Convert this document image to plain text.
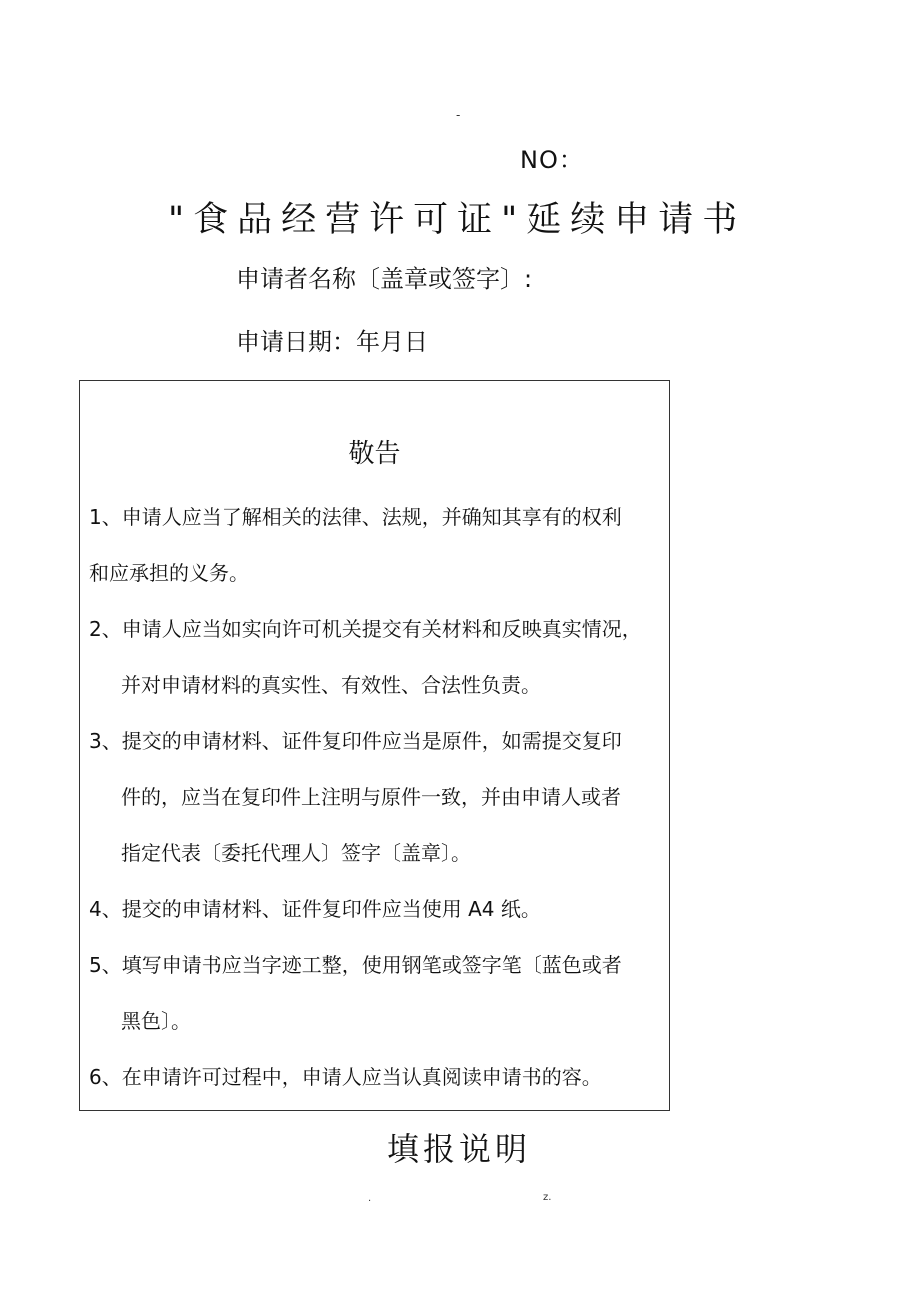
-
NO：
"食品经营许可证"延续申请书
申请者名称〔盖章或签字〕:
申请日期：年月日
敬告
1、申请人应当了解相关的法律、法规，并确知其享有的权利
和应承担的义务。
2、申请人应当如实向许可机关提交有关材料和反映真实情况，
并对申请材料的真实性、有效性、合法性负责。
3、提交的申请材料、证件复印件应当是原件，如需提交复印
件的，应当在复印件上注明与原件一致，并由申请人或者
指定代表〔委托代理人〕签字〔盖章〕。
4、提交的申请材料、证件复印件应当使用 A4 纸。
5、填写申请书应当字迹工整，使用钢笔或签字笔〔蓝色或者
黑色〕。
6、在申请许可过程中，申请人应当认真阅读申请书的容。
填报说明
.	z.
